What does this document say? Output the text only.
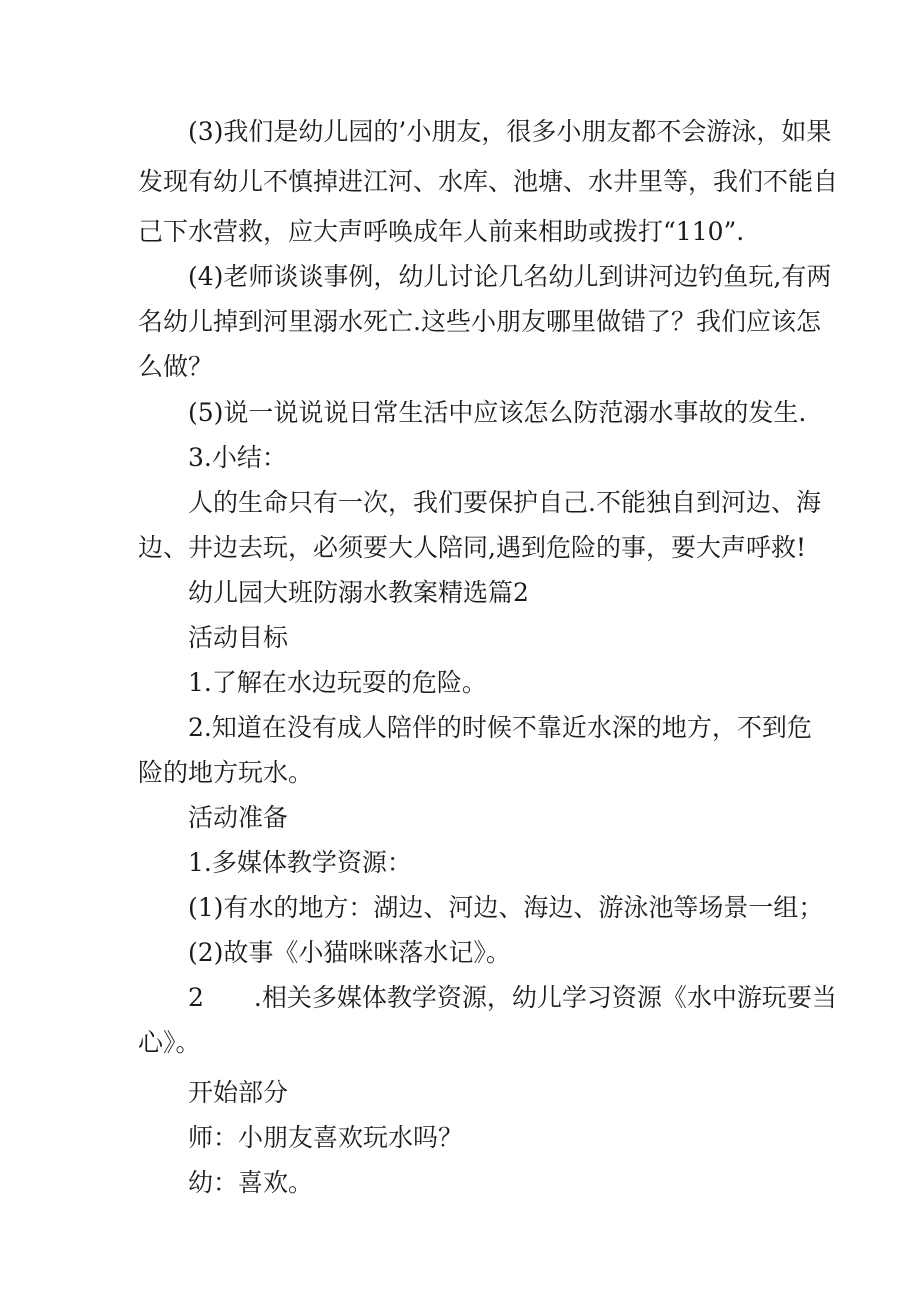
(3)我们是幼儿园的’小朋友，很多小朋友都不会游泳，如果
发现有幼儿不慎掉进江河、水库、池塘、水井里等，我们不能自
己下水营救，应大声呼唤成年人前来相助或拨打“110”.
(4)老师谈谈事例，幼儿讨论几名幼儿到讲河边钓鱼玩,有两
名幼儿掉到河里溺水死亡.这些小朋友哪里做错了？我们应该怎
么做？
(5)说一说说说日常生活中应该怎么防范溺水事故的发生.
3.小结：
人的生命只有一次，我们要保护自己.不能独自到河边、海
边、井边去玩，必须要大人陪同,遇到危险的事，要大声呼救!
幼儿园大班防溺水教案精选篇2
活动目标
1.了解在水边玩耍的危险。
2.知道在没有成人陪伴的时候不靠近水深的地方，不到危
险的地方玩水。
活动准备
1.多媒体教学资源：
(1)有水的地方：湖边、河边、海边、游泳池等场景一组；
(2)故事《小猫咪咪落水记》。
2　　.相关多媒体教学资源，幼儿学习资源《水中游玩要当
心》。
开始部分
师：小朋友喜欢玩水吗？
幼：喜欢。
